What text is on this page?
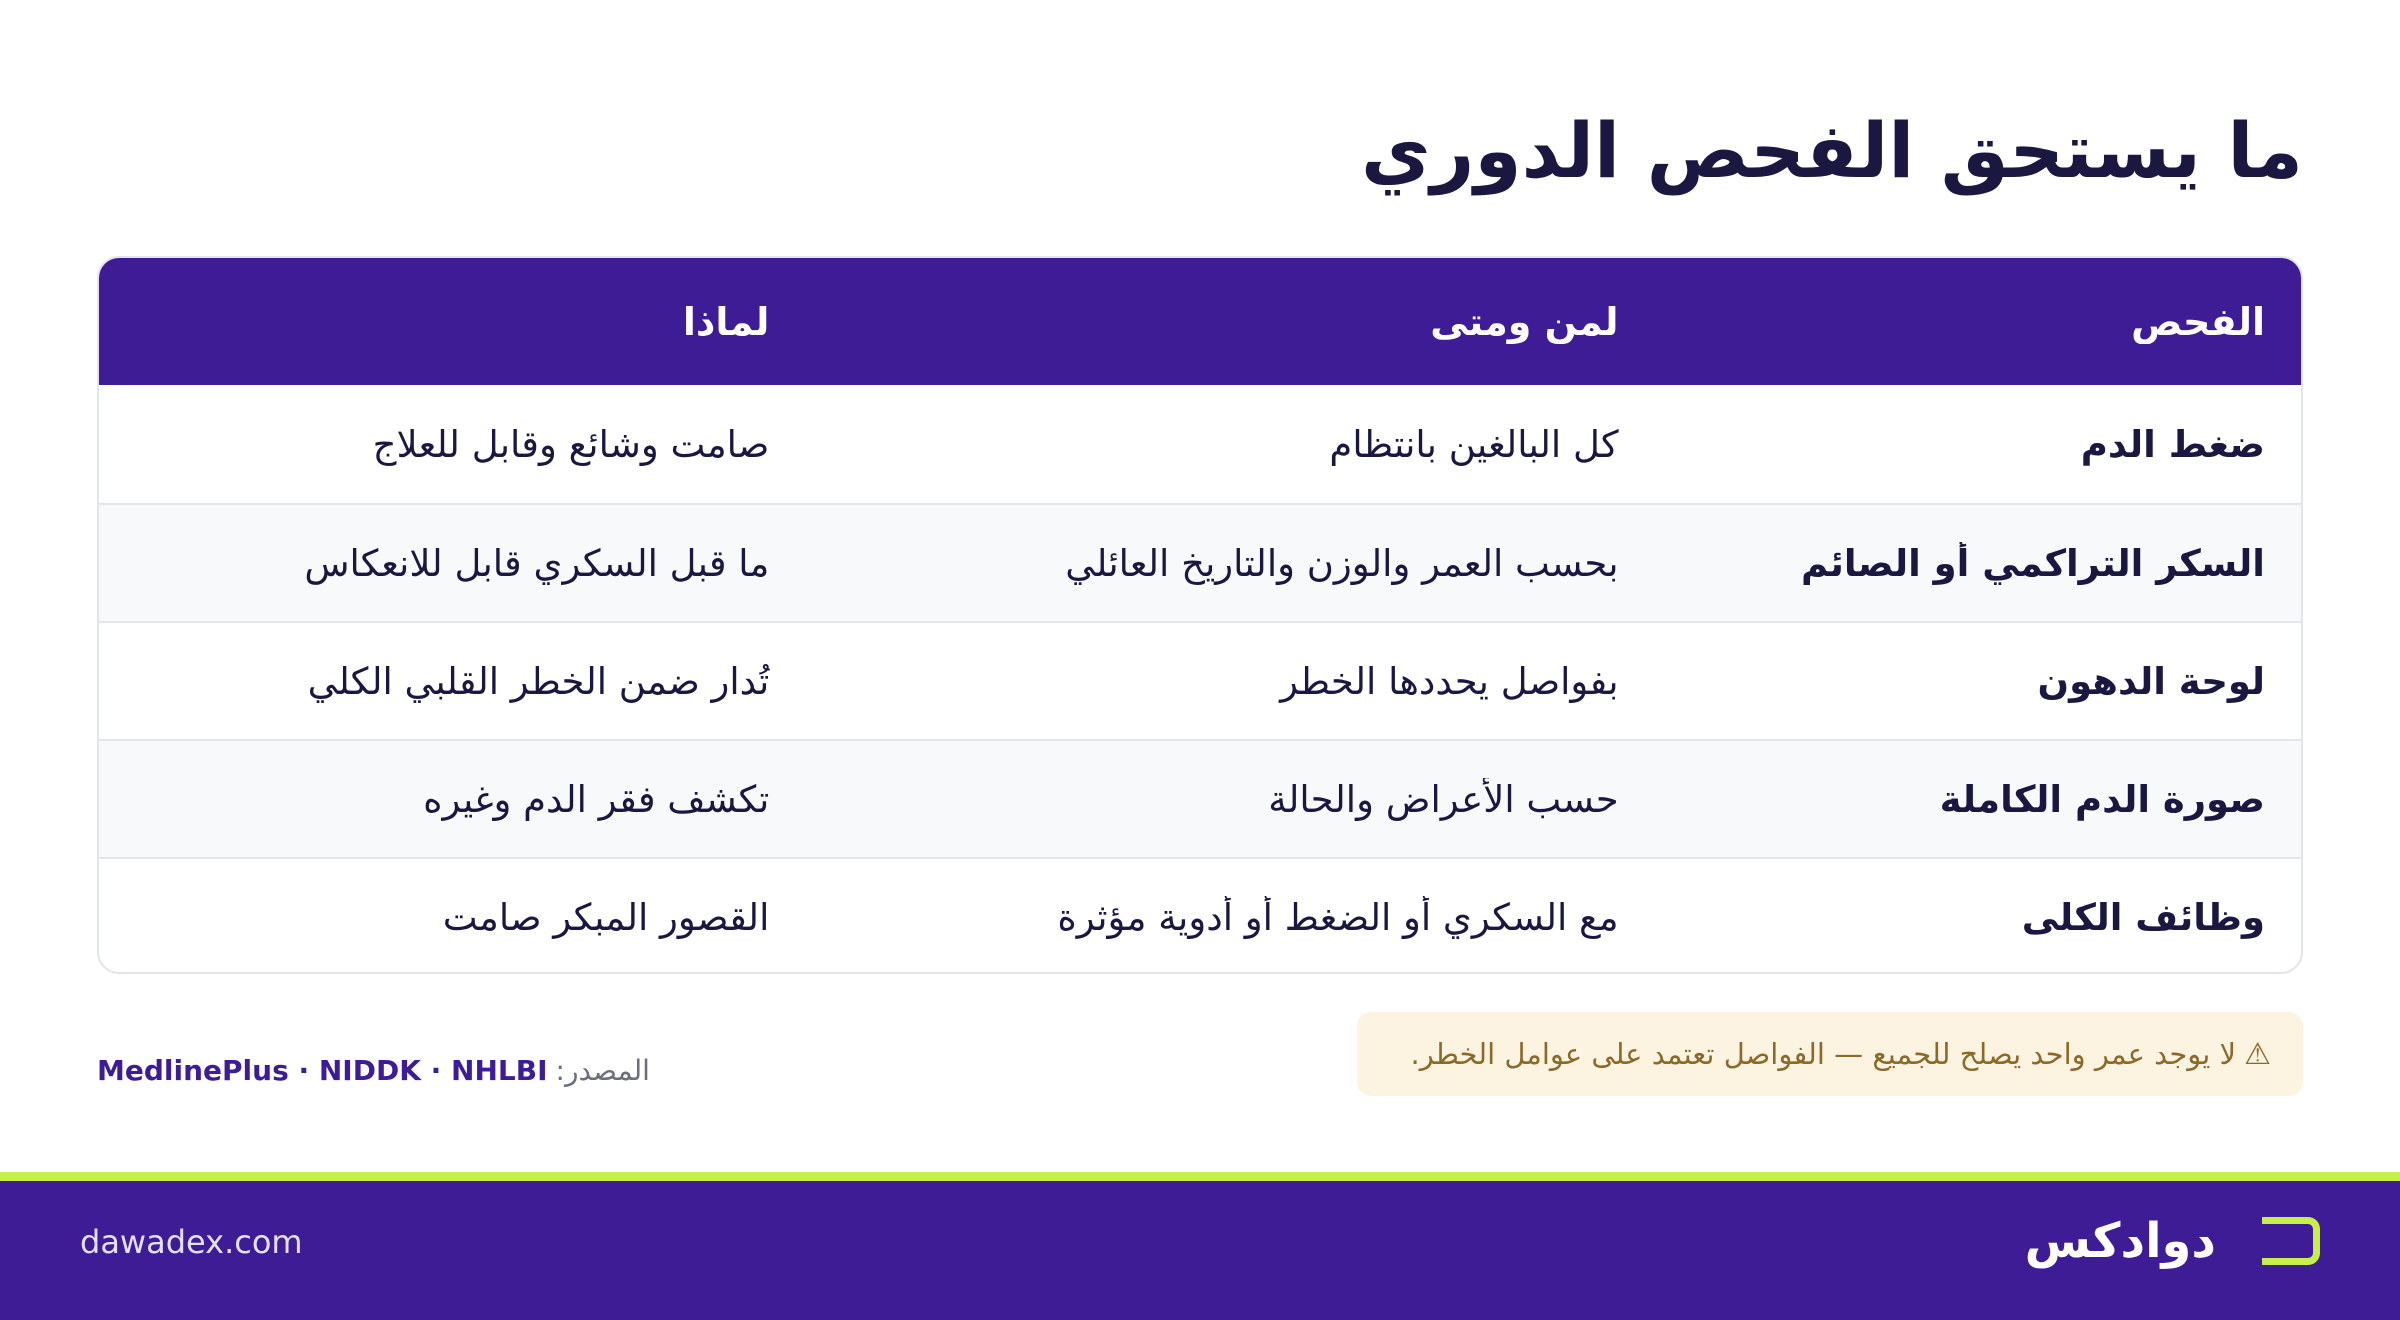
ما يستحق الفحص الدوري
الفحص
لمن ومتى
لماذا
ضغط الدم
كل البالغين بانتظام
صامت وشائع وقابل للعلاج
السكر التراكمي أو الصائم
بحسب العمر والوزن والتاريخ العائلي
ما قبل السكري قابل للانعكاس
لوحة الدهون
بفواصل يحددها الخطر
تُدار ضمن الخطر القلبي الكلي
صورة الدم الكاملة
حسب الأعراض والحالة
تكشف فقر الدم وغيره
وظائف الكلى
مع السكري أو الضغط أو أدوية مؤثرة
القصور المبكر صامت
⚠
لا يوجد عمر واحد يصلح للجميع — الفواصل تعتمد على عوامل الخطر.
المصدر:
MedlinePlus · NIDDK · NHLBI
dawadex.com	دوادكس
